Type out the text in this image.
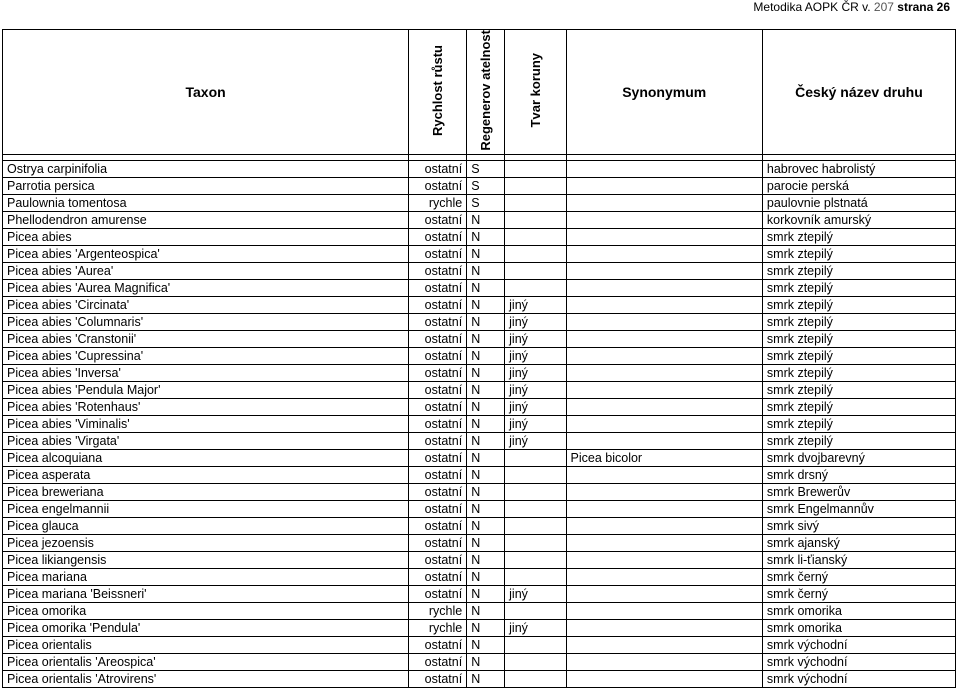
Metodika AOPK ČR v. 207 strana 26
Taxon	Rychlost růstu	Regenerov atelnost	Tvar koruny	Synonymum	Český název druhu

Ostrya carpinifolia	ostatní	S			habrovec habrolistý
Parrotia persica	ostatní	S			parocie perská
Paulownia tomentosa	rychle	S			paulovnie plstnatá
Phellodendron amurense	ostatní	N			korkovník amurský
Picea abies	ostatní	N			smrk ztepilý
Picea abies 'Argenteospica'	ostatní	N			smrk ztepilý
Picea abies 'Aurea'	ostatní	N			smrk ztepilý
Picea abies 'Aurea Magnifica'	ostatní	N			smrk ztepilý
Picea abies 'Circinata'	ostatní	N	jiný		smrk ztepilý
Picea abies 'Columnaris'	ostatní	N	jiný		smrk ztepilý
Picea abies 'Cranstonii'	ostatní	N	jiný		smrk ztepilý
Picea abies 'Cupressina'	ostatní	N	jiný		smrk ztepilý
Picea abies 'Inversa'	ostatní	N	jiný		smrk ztepilý
Picea abies 'Pendula Major'	ostatní	N	jiný		smrk ztepilý
Picea abies 'Rotenhaus'	ostatní	N	jiný		smrk ztepilý
Picea abies 'Viminalis'	ostatní	N	jiný		smrk ztepilý
Picea abies 'Virgata'	ostatní	N	jiný		smrk ztepilý
Picea alcoquiana	ostatní	N		Picea bicolor	smrk dvojbarevný
Picea asperata	ostatní	N			smrk drsný
Picea breweriana	ostatní	N			smrk Brewerův
Picea engelmannii	ostatní	N			smrk Engelmannův
Picea glauca	ostatní	N			smrk sivý
Picea jezoensis	ostatní	N			smrk ajanský
Picea likiangensis	ostatní	N			smrk li-ťianský
Picea mariana	ostatní	N			smrk černý
Picea mariana 'Beissneri'	ostatní	N	jiný		smrk černý
Picea omorika	rychle	N			smrk omorika
Picea omorika 'Pendula'	rychle	N	jiný		smrk omorika
Picea orientalis	ostatní	N			smrk východní
Picea orientalis 'Areospica'	ostatní	N			smrk východní
Picea orientalis 'Atrovirens'	ostatní	N			smrk východní
